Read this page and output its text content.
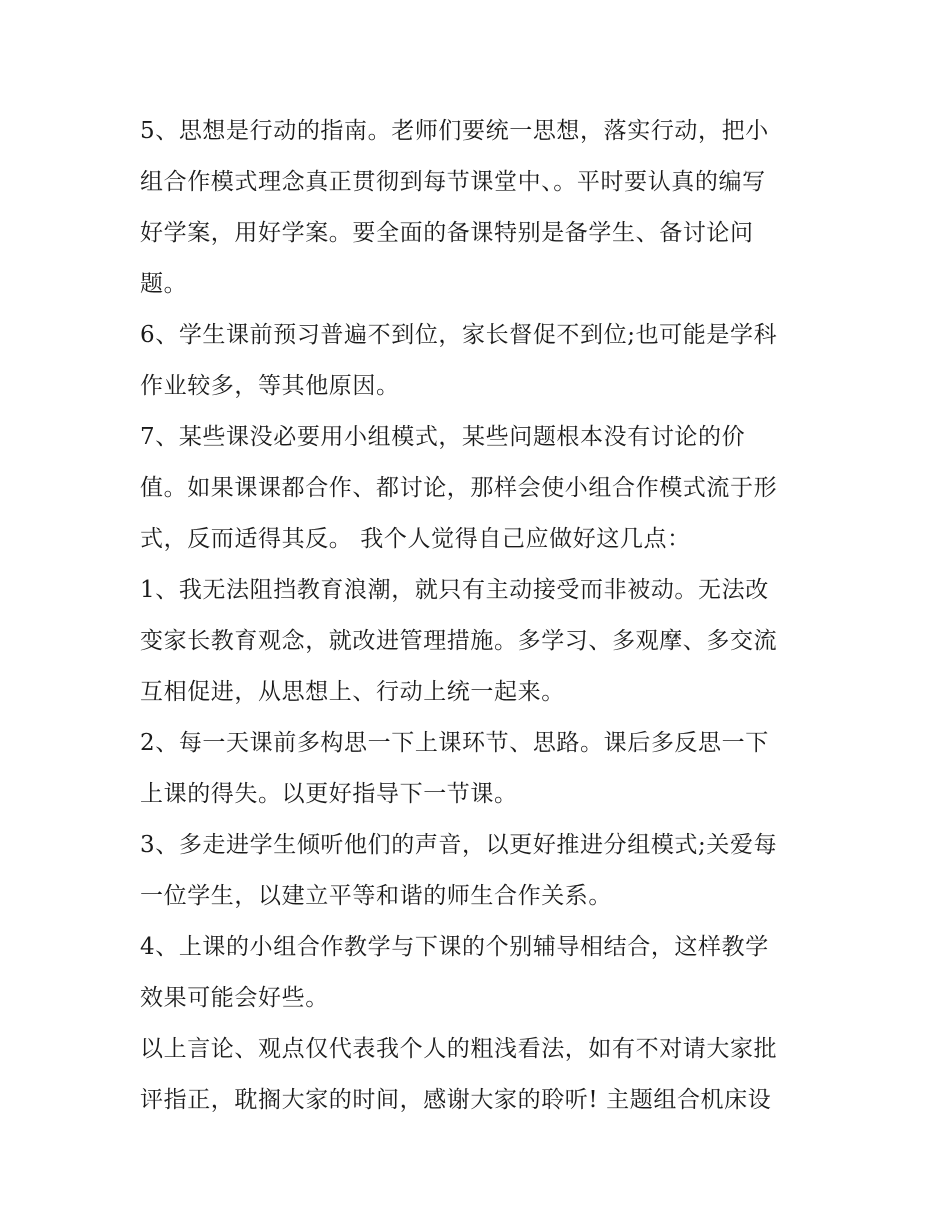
5、思想是行动的指南。老师们要统一思想，落实行动，把小
组合作模式理念真正贯彻到每节课堂中、。平时要认真的编写
好学案，用好学案。要全面的备课特别是备学生、备讨论问
题。
6、学生课前预习普遍不到位，家长督促不到位;也可能是学科
作业较多，等其他原因。
7、某些课没必要用小组模式，某些问题根本没有讨论的价
值。如果课课都合作、都讨论，那样会使小组合作模式流于形
式，反而适得其反。 我个人觉得自己应做好这几点：
1、我无法阻挡教育浪潮，就只有主动接受而非被动。无法改
变家长教育观念，就改进管理措施。多学习、多观摩、多交流
互相促进，从思想上、行动上统一起来。
2、每一天课前多构思一下上课环节、思路。课后多反思一下
上课的得失。以更好指导下一节课。
3、多走进学生倾听他们的声音，以更好推进分组模式;关爱每
一位学生，以建立平等和谐的师生合作关系。
4、上课的小组合作教学与下课的个别辅导相结合，这样教学
效果可能会好些。
以上言论、观点仅代表我个人的粗浅看法，如有不对请大家批
评指正，耽搁大家的时间，感谢大家的聆听! 主题组合机床设
